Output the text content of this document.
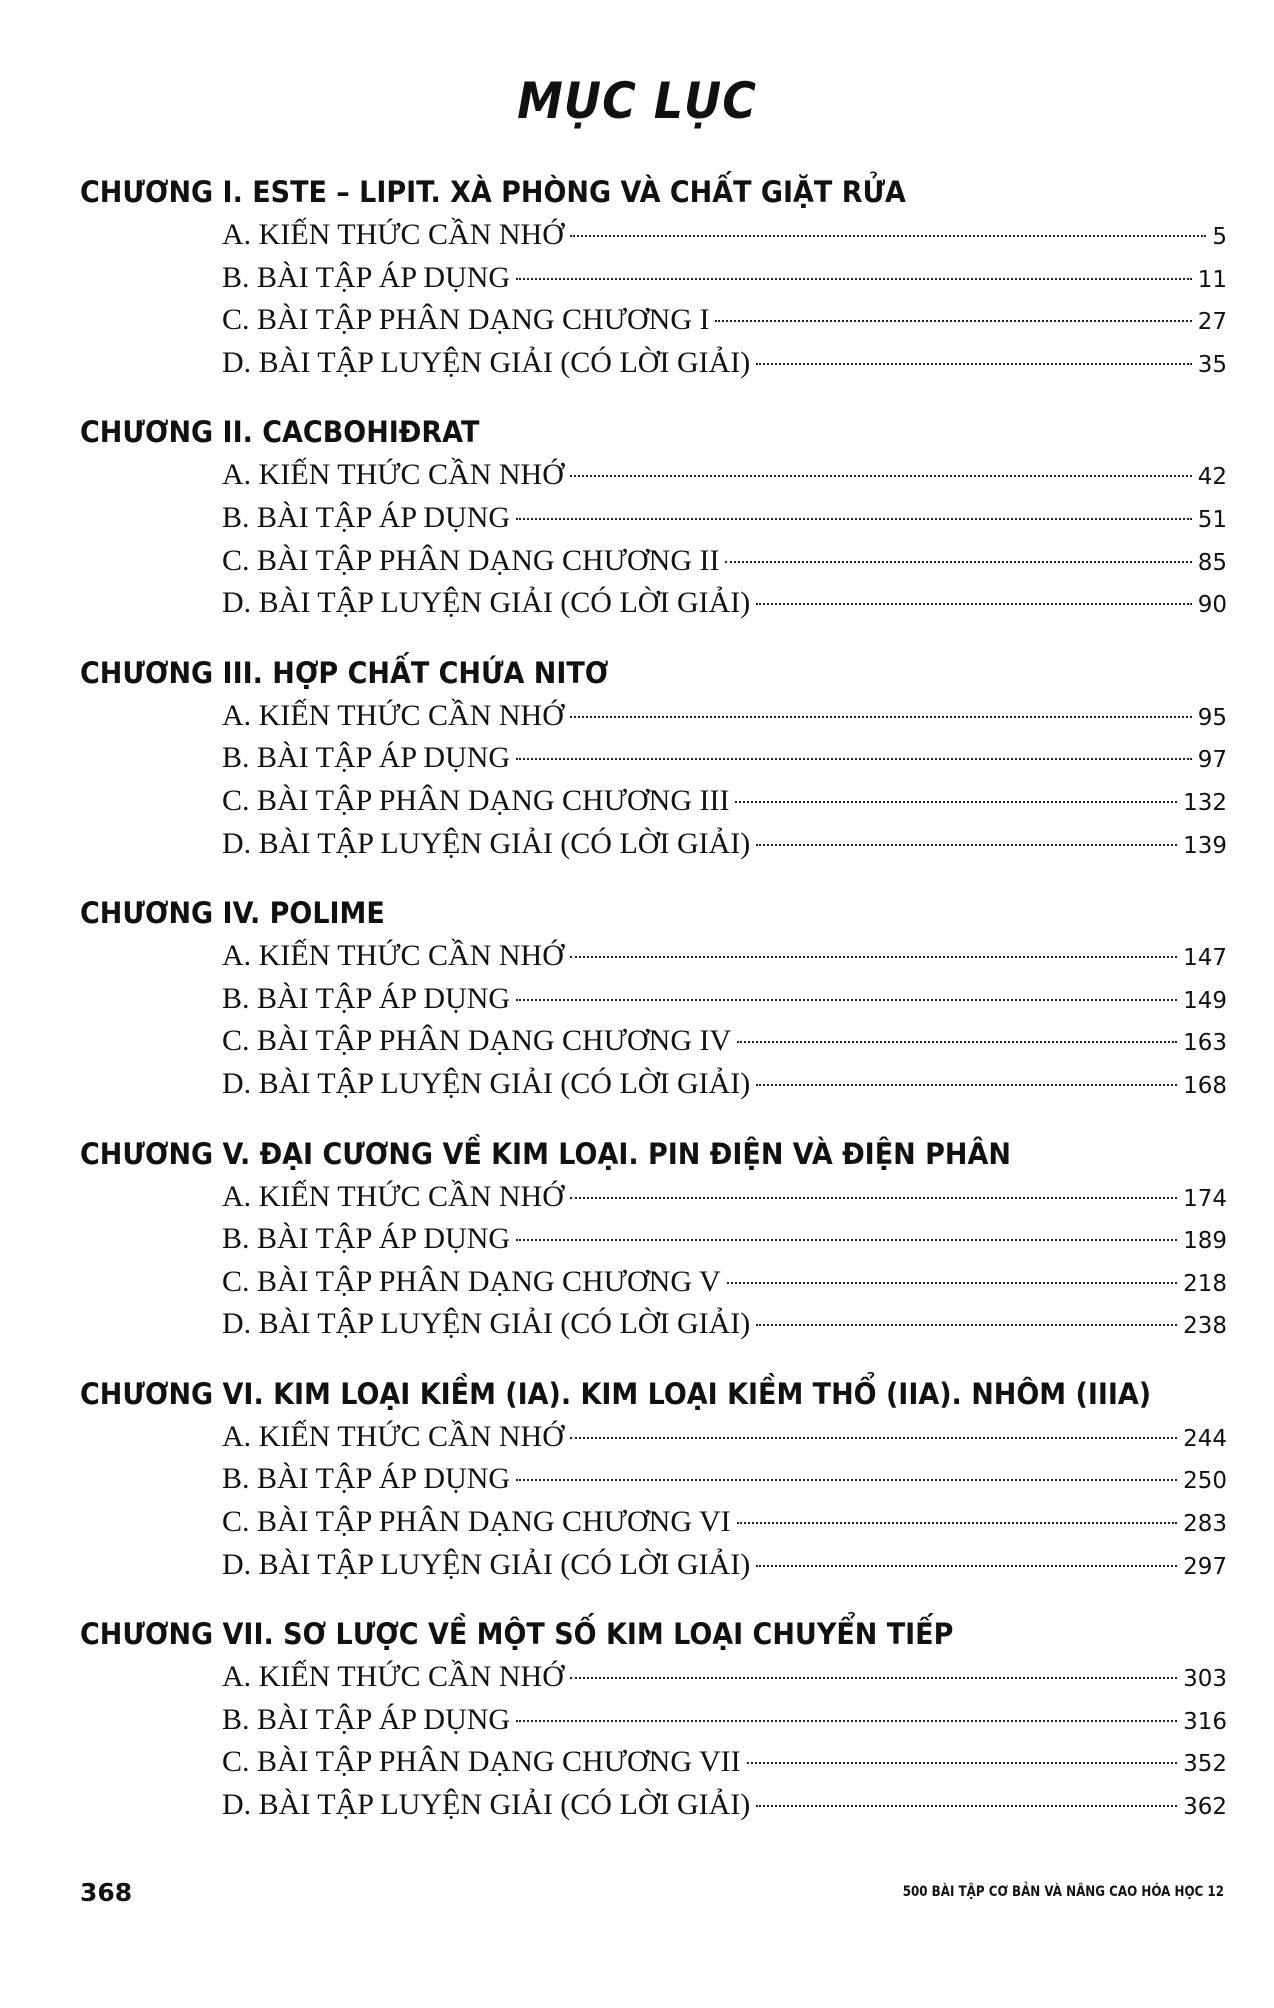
MỤC LỤC
CHƯƠNG I. ESTE – LIPIT. XÀ PHÒNG VÀ CHẤT GIẶT RỬA
A. KIẾN THỨC CẦN NHỚ	5
B. BÀI TẬP ÁP DỤNG	11
C. BÀI TẬP PHÂN DẠNG CHƯƠNG I	27
D. BÀI TẬP LUYỆN GIẢI (CÓ LỜI GIẢI)	35
CHƯƠNG II. CACBOHIĐRAT
A. KIẾN THỨC CẦN NHỚ	42
B. BÀI TẬP ÁP DỤNG	51
C. BÀI TẬP PHÂN DẠNG CHƯƠNG II	85
D. BÀI TẬP LUYỆN GIẢI (CÓ LỜI GIẢI)	90
CHƯƠNG III. HỢP CHẤT CHỨA NITƠ
A. KIẾN THỨC CẦN NHỚ	95
B. BÀI TẬP ÁP DỤNG	97
C. BÀI TẬP PHÂN DẠNG CHƯƠNG III	132
D. BÀI TẬP LUYỆN GIẢI (CÓ LỜI GIẢI)	139
CHƯƠNG IV. POLIME
A. KIẾN THỨC CẦN NHỚ	147
B. BÀI TẬP ÁP DỤNG	149
C. BÀI TẬP PHÂN DẠNG CHƯƠNG IV	163
D. BÀI TẬP LUYỆN GIẢI (CÓ LỜI GIẢI)	168
CHƯƠNG V. ĐẠI CƯƠNG VỀ KIM LOẠI. PIN ĐIỆN VÀ ĐIỆN PHÂN
A. KIẾN THỨC CẦN NHỚ	174
B. BÀI TẬP ÁP DỤNG	189
C. BÀI TẬP PHÂN DẠNG CHƯƠNG V	218
D. BÀI TẬP LUYỆN GIẢI (CÓ LỜI GIẢI)	238
CHƯƠNG VI. KIM LOẠI KIỀM (IA). KIM LOẠI KIỀM THỔ (IIA). NHÔM (IIIA)
A. KIẾN THỨC CẦN NHỚ	244
B. BÀI TẬP ÁP DỤNG	250
C. BÀI TẬP PHÂN DẠNG CHƯƠNG VI	283
D. BÀI TẬP LUYỆN GIẢI (CÓ LỜI GIẢI)	297
CHƯƠNG VII. SƠ LƯỢC VỀ MỘT SỐ KIM LOẠI CHUYỂN TIẾP
A. KIẾN THỨC CẦN NHỚ	303
B. BÀI TẬP ÁP DỤNG	316
C. BÀI TẬP PHÂN DẠNG CHƯƠNG VII	352
D. BÀI TẬP LUYỆN GIẢI (CÓ LỜI GIẢI)	362
368	500 BÀI TẬP CƠ BẢN VÀ NÂNG CAO HÓA HỌC 12
